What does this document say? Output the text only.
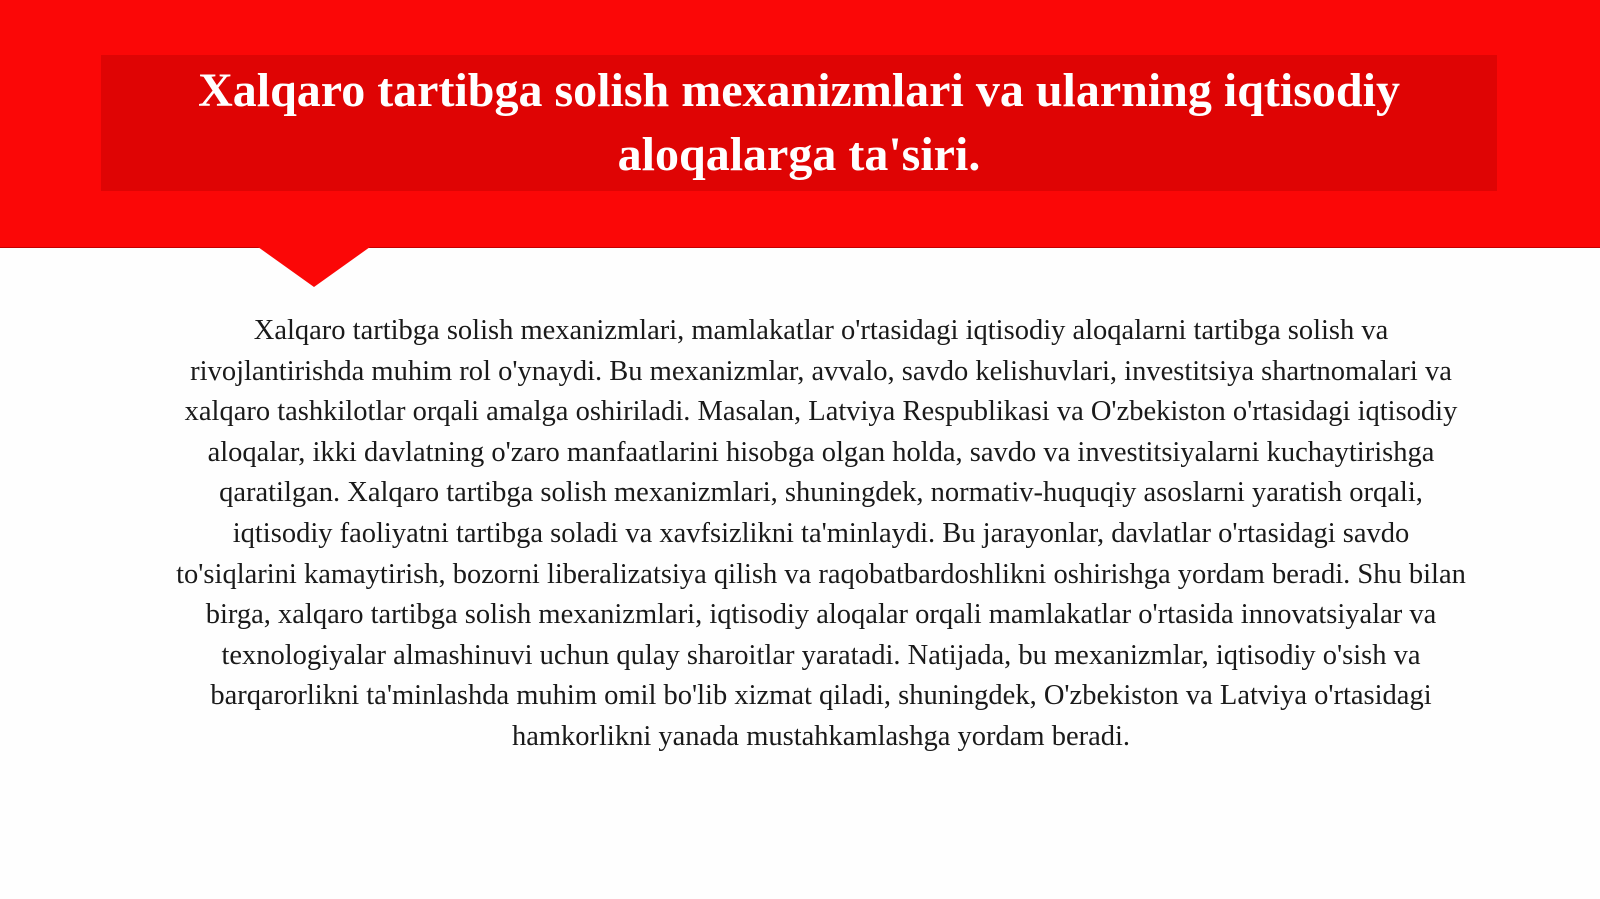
Xalqaro tartibga solish mexanizmlari va ularning iqtisodiy aloqalarga ta'siri.

Xalqaro tartibga solish mexanizmlari, mamlakatlar o'rtasidagi iqtisodiy aloqalarni tartibga solish va rivojlantirishda muhim rol o'ynaydi. Bu mexanizmlar, avvalo, savdo kelishuvlari, investitsiya shartnomalari va xalqaro tashkilotlar orqali amalga oshiriladi. Masalan, Latviya Respublikasi va O'zbekiston o'rtasidagi iqtisodiy aloqalar, ikki davlatning o'zaro manfaatlarini hisobga olgan holda, savdo va investitsiyalarni kuchaytirishga qaratilgan. Xalqaro tartibga solish mexanizmlari, shuningdek, normativ-huquqiy asoslarni yaratish orqali, iqtisodiy faoliyatni tartibga soladi va xavfsizlikni ta'minlaydi. Bu jarayonlar, davlatlar o'rtasidagi savdo to'siqlarini kamaytirish, bozorni liberalizatsiya qilish va raqobatbardoshlikni oshirishga yordam beradi. Shu bilan birga, xalqaro tartibga solish mexanizmlari, iqtisodiy aloqalar orqali mamlakatlar o'rtasida innovatsiyalar va texnologiyalar almashinuvi uchun qulay sharoitlar yaratadi. Natijada, bu mexanizmlar, iqtisodiy o'sish va barqarorlikni ta'minlashda muhim omil bo'lib xizmat qiladi, shuningdek, O'zbekiston va Latviya o'rtasidagi hamkorlikni yanada mustahkamlashga yordam beradi.
